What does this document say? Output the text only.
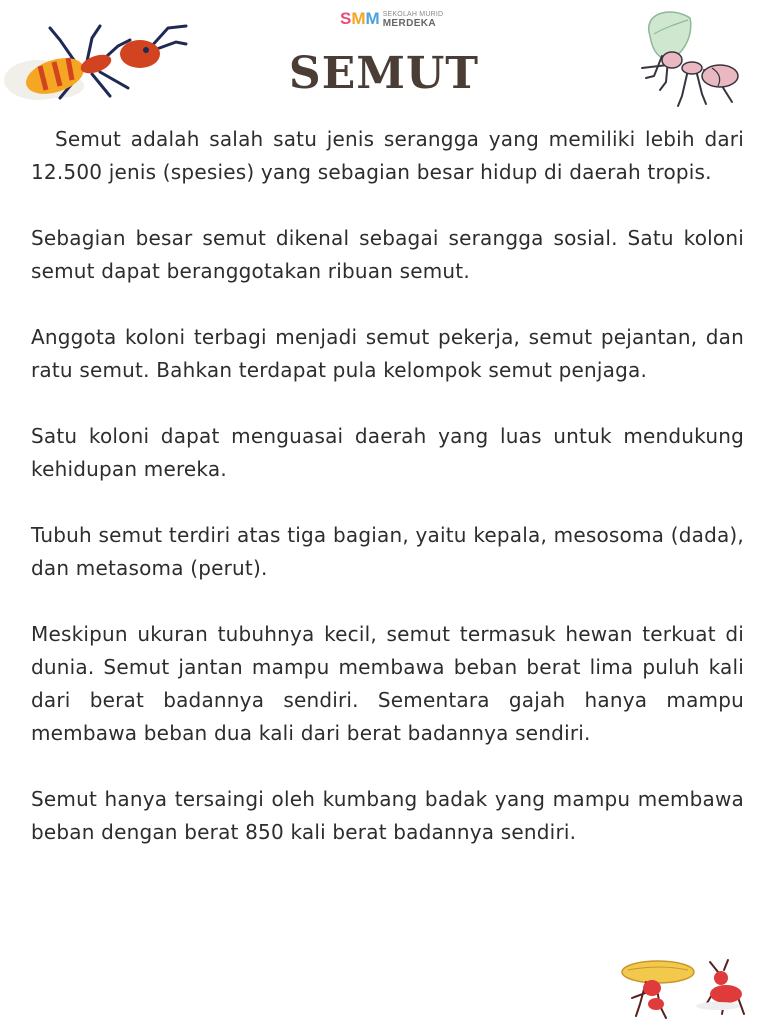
S M M SEKOLAH MURID
MERDEKA
SEMUT

Semut adalah salah satu jenis serangga yang memiliki lebih dari 12.500 jenis (spesies) yang sebagian besar hidup di daerah tropis.

Sebagian besar semut dikenal sebagai serangga sosial. Satu koloni semut dapat beranggotakan ribuan semut.

Anggota koloni terbagi menjadi semut pekerja, semut pejantan, dan ratu semut. Bahkan terdapat pula kelompok semut penjaga.

Satu koloni dapat menguasai daerah yang luas untuk mendukung kehidupan mereka.

Tubuh semut terdiri atas tiga bagian, yaitu kepala, mesosoma (dada), dan metasoma (perut).

Meskipun ukuran tubuhnya kecil, semut termasuk hewan terkuat di dunia. Semut jantan mampu membawa beban berat lima puluh kali dari berat badannya sendiri. Sementara gajah hanya mampu membawa beban dua kali dari berat badannya sendiri.

Semut hanya tersaingi oleh kumbang badak yang mampu membawa beban dengan berat 850 kali berat badannya sendiri.
